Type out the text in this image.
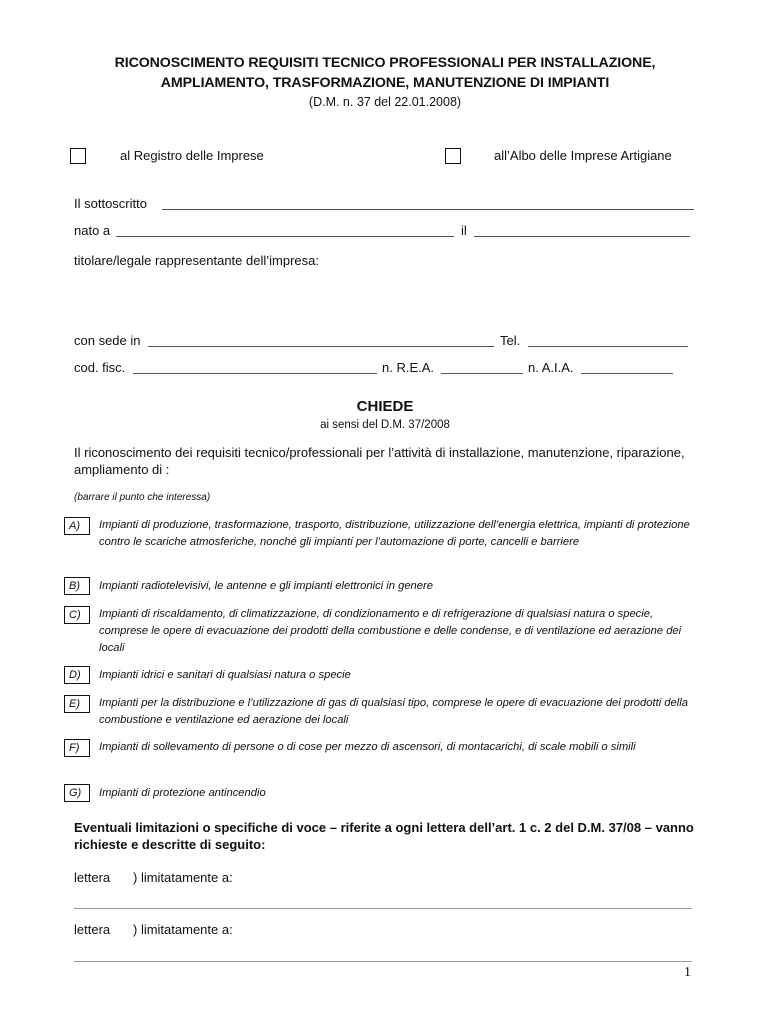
RICONOSCIMENTO REQUISITI TECNICO PROFESSIONALI PER INSTALLAZIONE,
AMPLIAMENTO, TRASFORMAZIONE, MANUTENZIONE DI IMPIANTI
(D.M. n. 37 del 22.01.2008)
al Registro delle Imprese	all’Albo delle Imprese Artigiane
Il sottoscritto
nato a	il
titolare/legale rappresentante dell’impresa:
con sede in	Tel.
cod. fisc.	n. R.E.A.	n. A.I.A.
CHIEDE
ai sensi del D.M. 37/2008
Il riconoscimento dei requisiti tecnico/professionali per l’attività di installazione, manutenzione, riparazione, ampliamento di :
(barrare il punto che interessa)
A)	Impianti di produzione, trasformazione, trasporto, distribuzione, utilizzazione dell’energia elettrica, impianti di protezione contro le scariche atmosferiche, nonché gli impianti per l’automazione di porte, cancelli e barriere
B)	Impianti radiotelevisivi, le antenne e gli impianti elettronici in genere
C)	Impianti di riscaldamento, di climatizzazione, di condizionamento e di refrigerazione di qualsiasi natura o specie, comprese le opere di evacuazione dei prodotti della combustione e delle condense, e di ventilazione ed aerazione dei locali
D)	Impianti idrici e sanitari di qualsiasi natura o specie
E)	Impianti per la distribuzione e l’utilizzazione di gas di qualsiasi tipo, comprese le opere di evacuazione dei prodotti della combustione e ventilazione ed aerazione dei locali
F)	Impianti di sollevamento di persone o di cose per mezzo di ascensori, di montacarichi, di scale mobili o simili
G)	Impianti di protezione antincendio
Eventuali limitazioni o specifiche di voce – riferite a ogni lettera dell’art. 1 c. 2 del D.M. 37/08 – vanno richieste e descritte di seguito:
lettera ) limitatamente a:
lettera ) limitatamente a:
1
